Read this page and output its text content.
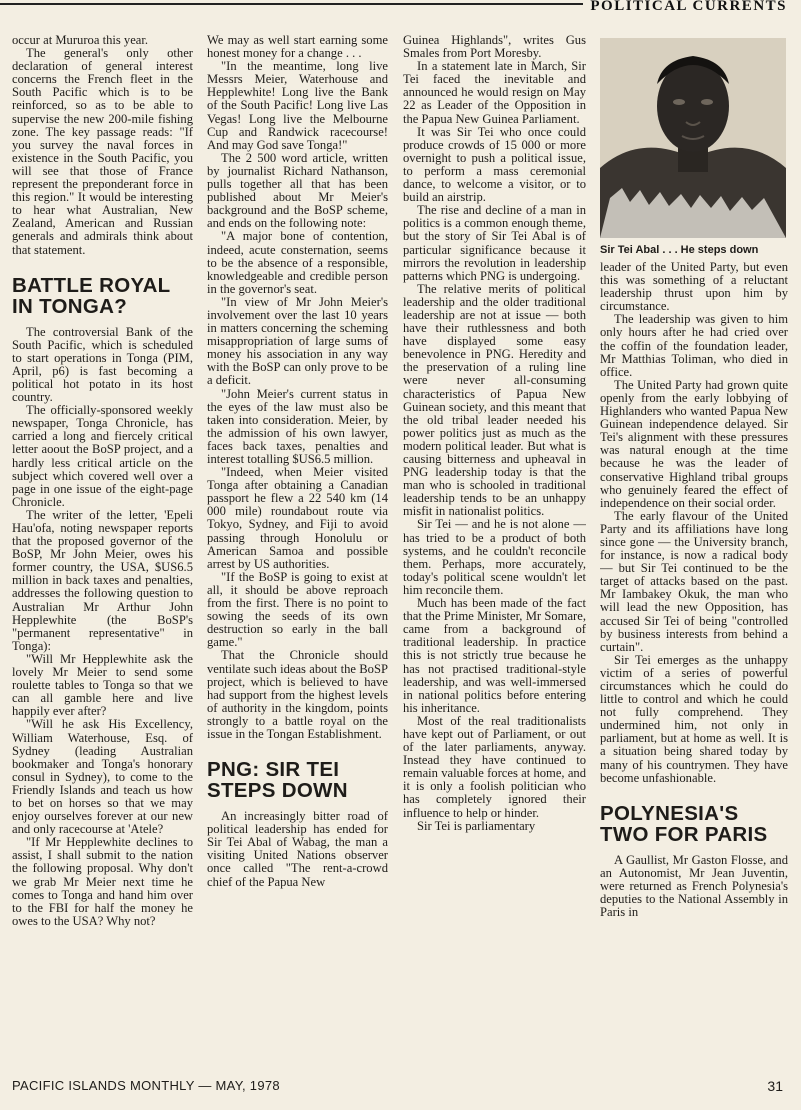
POLITICAL CURRENTS

occur at Mururoa this year.

The general's only other declaration of general interest concerns the French fleet in the South Pacific which is to be reinforced, so as to be able to supervise the new 200-mile fishing zone. The key passage reads: "If you survey the naval forces in existence in the South Pacific, you will see that those of France represent the preponderant force in this region." It would be interesting to hear what Australian, New Zealand, American and Russian generals and admirals think about that statement.

BATTLE ROYAL IN TONGA?

The controversial Bank of the South Pacific, which is scheduled to start operations in Tonga (PIM, April, p6) is fast becoming a political hot potato in its host country.

The officially-sponsored weekly newspaper, Tonga Chronicle, has carried a long and fiercely critical letter aoout the BoSP project, and a hardly less critical article on the subject which covered well over a page in one issue of the eight-page Chronicle.

The writer of the letter, 'Epeli Hau'ofa, noting newspaper reports that the proposed governor of the BoSP, Mr John Meier, owes his former country, the USA, $US6.5 million in back taxes and penalties, addresses the following question to Australian Mr Arthur John Hepplewhite (the BoSP's "permanent representative" in Tonga):

"Will Mr Hepplewhite ask the lovely Mr Meier to send some roulette tables to Tonga so that we can all gamble here and live happily ever after?

"Will he ask His Excellency, William Waterhouse, Esq. of Sydney (leading Australian bookmaker and Tonga's honorary consul in Sydney), to come to the Friendly Islands and teach us how to bet on horses so that we may enjoy ourselves forever at our new and only racecourse at 'Atele?

"If Mr Hepplewhite declines to assist, I shall submit to the nation the following proposal. Why don't we grab Mr Meier next time he comes to Tonga and hand him over to the FBI for half the money he owes to the USA? Why not?

We may as well start earning some honest money for a change . . .

"In the meantime, long live Messrs Meier, Waterhouse and Hepplewhite! Long live the Bank of the South Pacific! Long live Las Vegas! Long live the Melbourne Cup and Randwick racecourse! And may God save Tonga!"

The 2 500 word article, written by journalist Richard Nathanson, pulls together all that has been published about Mr Meier's background and the BoSP scheme, and ends on the following note:

"A major bone of contention, indeed, acute consternation, seems to be the absence of a responsible, knowledgeable and credible person in the governor's seat.

"In view of Mr John Meier's involvement over the last 10 years in matters concerning the scheming misappropriation of large sums of money his association in any way with the BoSP can only prove to be a deficit.

"John Meier's current status in the eyes of the law must also be taken into consideration. Meier, by the admission of his own lawyer, faces back taxes, penalties and interest totalling $US6.5 million.

"Indeed, when Meier visited Tonga after obtaining a Canadian passport he flew a 22 540 km (14 000 mile) roundabout route via Tokyo, Sydney, and Fiji to avoid passing through Honolulu or American Samoa and possible arrest by US authorities.

"If the BoSP is going to exist at all, it should be above reproach from the first. There is no point to sowing the seeds of its own destruction so early in the ball game."

That the Chronicle should ventilate such ideas about the BoSP project, which is believed to have had support from the highest levels of authority in the kingdom, points strongly to a battle royal on the issue in the Tongan Establishment.

PNG: SIR TEI STEPS DOWN

An increasingly bitter road of political leadership has ended for Sir Tei Abal of Wabag, the man a visiting United Nations observer once called "The rent-a-crowd chief of the Papua New

Guinea Highlands", writes Gus Smales from Port Moresby.

In a statement late in March, Sir Tei faced the inevitable and announced he would resign on May 22 as Leader of the Opposition in the Papua New Guinea Parliament.

It was Sir Tei who once could produce crowds of 15 000 or more overnight to push a political issue, to perform a mass ceremonial dance, to welcome a visitor, or to build an airstrip.

The rise and decline of a man in politics is a common enough theme, but the story of Sir Tei Abal is of particular significance because it mirrors the revolution in leadership patterns which PNG is undergoing.

The relative merits of political leadership and the older traditional leadership are not at issue — both have their ruthlessness and both have displayed some easy benevolence in PNG. Heredity and the preservation of a ruling line were never all-consuming characteristics of Papua New Guinean society, and this meant that the old tribal leader needed his power politics just as much as the modern political leader. But what is causing bitterness and upheaval in PNG leadership today is that the man who is schooled in traditional leadership tends to be an unhappy misfit in nationalist politics.

Sir Tei — and he is not alone — has tried to be a product of both systems, and he couldn't reconcile them. Perhaps, more accurately, today's political scene wouldn't let him reconcile them.

Much has been made of the fact that the Prime Minister, Mr Somare, came from a background of traditional leadership. In practice this is not strictly true because he has not practised traditional-style leadership, and was well-immersed in national politics before entering his inheritance.

Most of the real traditionalists have kept out of Parliament, or out of the later parliaments, anyway. Instead they have continued to remain valuable forces at home, and it is only a foolish politician who has completely ignored their influence to help or hinder.

Sir Tei is parliamentary

Sir Tei Abal . . . He steps down

leader of the United Party, but even this was something of a reluctant leadership thrust upon him by circumstance.

The leadership was given to him only hours after he had cried over the coffin of the foundation leader, Mr Matthias Toliman, who died in office.

The United Party had grown quite openly from the early lobbying of Highlanders who wanted Papua New Guinean independence delayed. Sir Tei's alignment with these pressures was natural enough at the time because he was the leader of conservative Highland tribal groups who genuinely feared the effect of independence on their social order.

The early flavour of the United Party and its affiliations have long since gone — the University branch, for instance, is now a radical body — but Sir Tei continued to be the target of attacks based on the past. Mr Iambakey Okuk, the man who will lead the new Opposition, has accused Sir Tei of being "controlled by business interests from behind a curtain".

Sir Tei emerges as the unhappy victim of a series of powerful circumstances which he could do little to control and which he could not fully comprehend. They undermined him, not only in parliament, but at home as well. It is a situation being shared today by many of his countrymen. They have become unfashionable.

POLYNESIA'S TWO FOR PARIS

A Gaullist, Mr Gaston Flosse, and an Autonomist, Mr Jean Juventin, were returned as French Polynesia's deputies to the National Assembly in Paris in

PACIFIC ISLANDS MONTHLY — MAY, 1978	31
